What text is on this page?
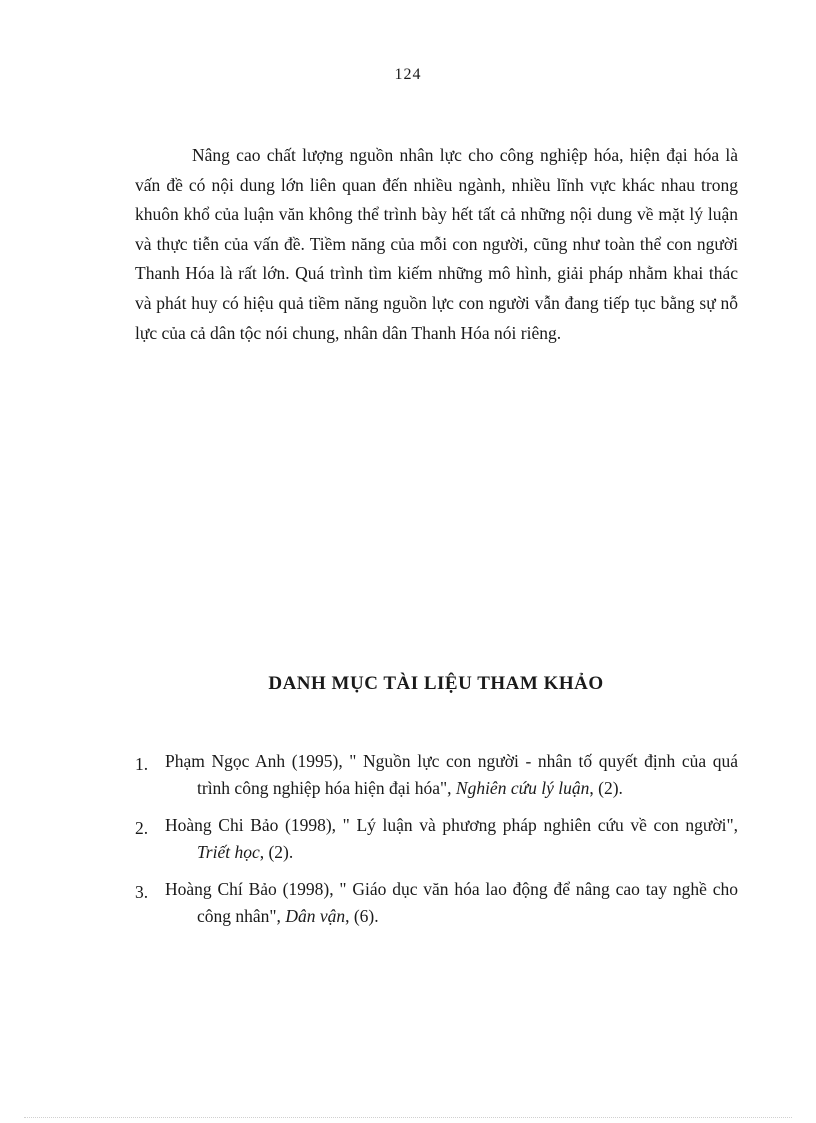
124

Nâng cao chất lượng nguồn nhân lực cho công nghiệp hóa, hiện đại hóa là vấn đề có nội dung lớn liên quan đến nhiều ngành, nhiều lĩnh vực khác nhau trong khuôn khổ của luận văn không thể trình bày hết tất cả những nội dung về mặt lý luận và thực tiễn của vấn đề. Tiềm năng của mỗi con người, cũng như toàn thể con người Thanh Hóa là rất lớn. Quá trình tìm kiếm những mô hình, giải pháp nhằm khai thác và phát huy có hiệu quả tiềm năng nguồn lực con người vẫn đang tiếp tục bằng sự nỗ lực của cả dân tộc nói chung, nhân dân Thanh Hóa nói riêng.

DANH MỤC TÀI LIỆU THAM KHẢO
1. Phạm Ngọc Anh (1995), " Nguồn lực con người - nhân tố quyết định của quá trình công nghiệp hóa hiện đại hóa", Nghiên cứu lý luận, (2).
2. Hoàng Chi Bảo (1998), " Lý luận và phương pháp nghiên cứu về con người", Triết học, (2).
3. Hoàng Chí Bảo (1998), " Giáo dục văn hóa lao động để nâng cao tay nghề cho công nhân", Dân vận, (6).
